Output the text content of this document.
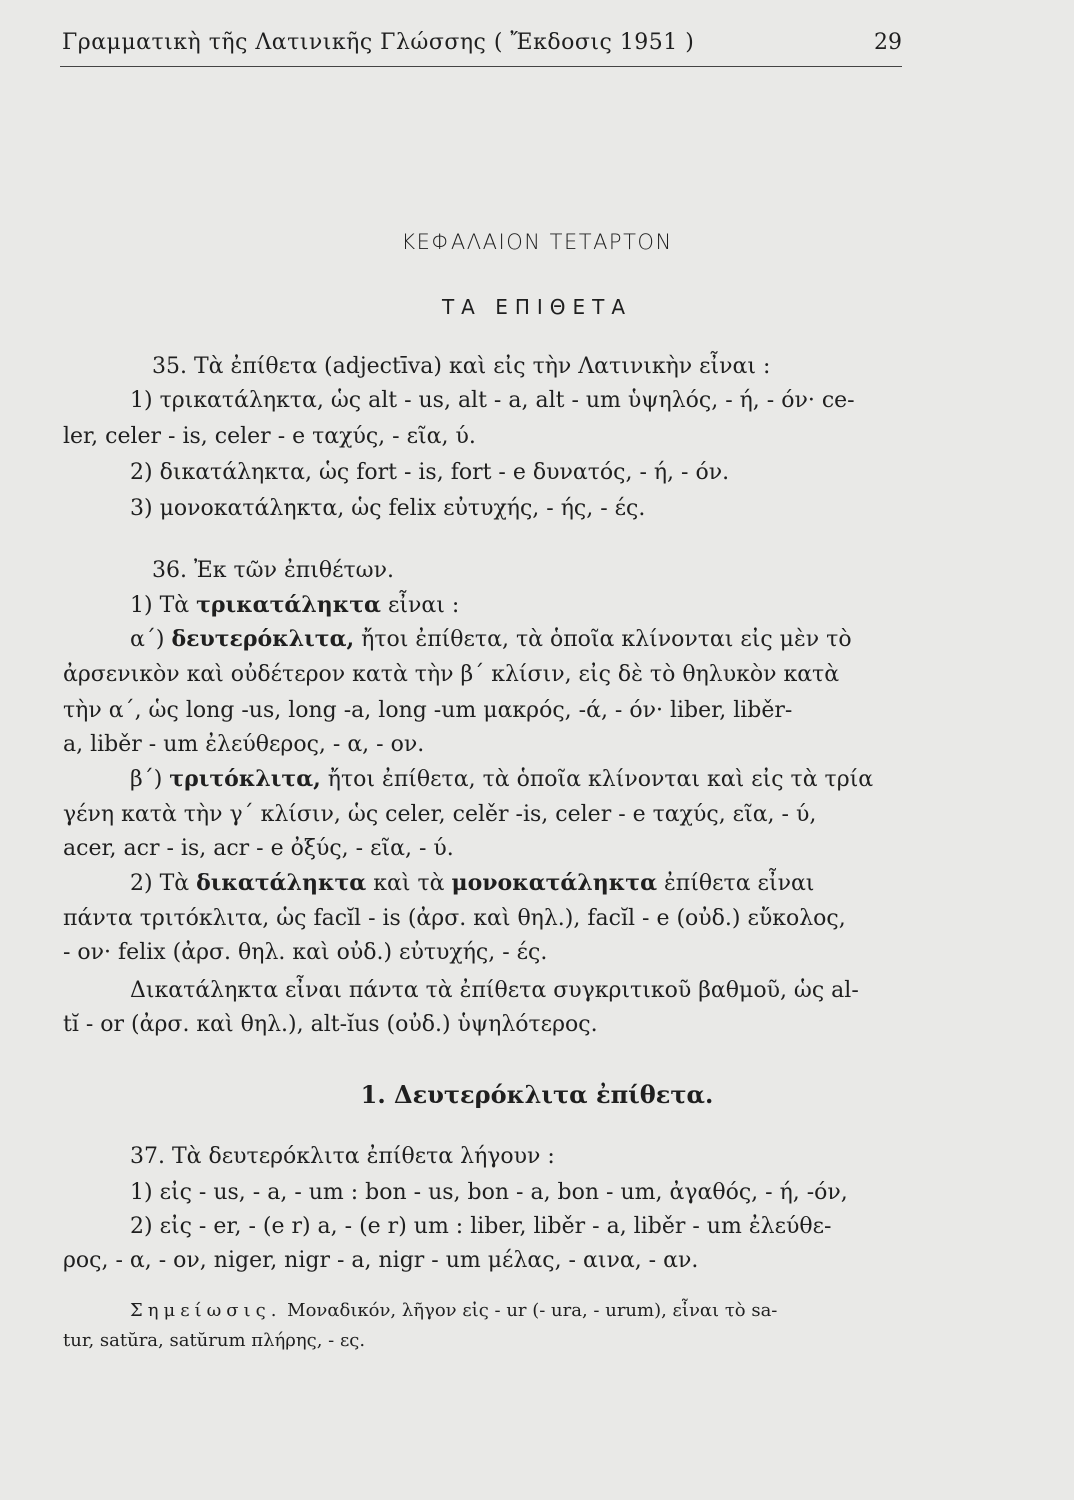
Γραμματικὴ τῆς Λατινικῆς Γλώσσης ( Ἔκδοσις 1951 )	29
ΚΕΦΑΛΑΙΟΝ ΤΕΤΑΡΤΟΝ
ΤΑ ΕΠΙΘΕΤΑ
35. Τὰ ἐπίθετα (adjectīva) καὶ εἰς τὴν Λατινικὴν εἶναι :
1) τρικατάληκτα, ὡς alt - us, alt - a, alt - um ὑψηλός, - ή, - όν· ce-
ler, celer - is, celer - e ταχύς, - εῖα, ύ.
2) δικατάληκτα, ὡς fort - is, fort - e δυνατός, - ή, - όν.
3) μονοκατάληκτα, ὡς felix εὐτυχής, - ής, - ές.
36. Ἐκ τῶν ἐπιθέτων.
1) Τὰ τρικατάληκτα εἶναι :
α΄) δευτερόκλιτα, ἤτοι ἐπίθετα, τὰ ὁποῖα κλίνονται εἰς μὲν τὸ
ἀρσενικὸν καὶ οὐδέτερον κατὰ τὴν β΄ κλίσιν, εἰς δὲ τὸ θηλυκὸν κατὰ
τὴν α΄, ὡς long -us, long -a, long -um μακρός, -ά, - όν· liber, liběr-
a, liběr - um ἐλεύθερος, - α, - ον.
β΄) τριτόκλιτα, ἤτοι ἐπίθετα, τὰ ὁποῖα κλίνονται καὶ εἰς τὰ τρία
γένη κατὰ τὴν γ΄ κλίσιν, ὡς celer, celěr -is, celer - e ταχύς, εῖα, - ύ,
acer, acr - is, acr - e ὀξύς, - εῖα, - ύ.
2) Τὰ δικατάληκτα καὶ τὰ μονοκατάληκτα ἐπίθετα εἶναι
πάντα τριτόκλιτα, ὡς facĭl - is (ἀρσ. καὶ θηλ.), facĭl - e (οὐδ.) εὔκολος,
- ον· felix (ἀρσ. θηλ. καὶ οὐδ.) εὐτυχής, - ές.
Δικατάληκτα εἶναι πάντα τὰ ἐπίθετα συγκριτικοῦ βαθμοῦ, ὡς al-
tĭ - or (ἀρσ. καὶ θηλ.), alt-ĭus (οὐδ.) ὑψηλότερος.
1. Δευτερόκλιτα ἐπίθετα.
37. Τὰ δευτερόκλιτα ἐπίθετα λήγουν :
1) εἰς - us, - a, - um : bon - us, bon - a, bon - um, ἀγαθός, - ή, -όν,
2) εἰς - er, - (e r) a, - (e r) um : liber, liběr - a, liběr - um ἐλεύθε-
ρος, - α, - ον, niger, nigr - a, nigr - um μέλας, - αινα, - αν.
Σημείωσις. Μοναδικόν, λῆγον εἰς - ur (- ura, - urum), εἶναι τὸ sa-
tur, satŭra, satŭrum πλήρης, - ες.
